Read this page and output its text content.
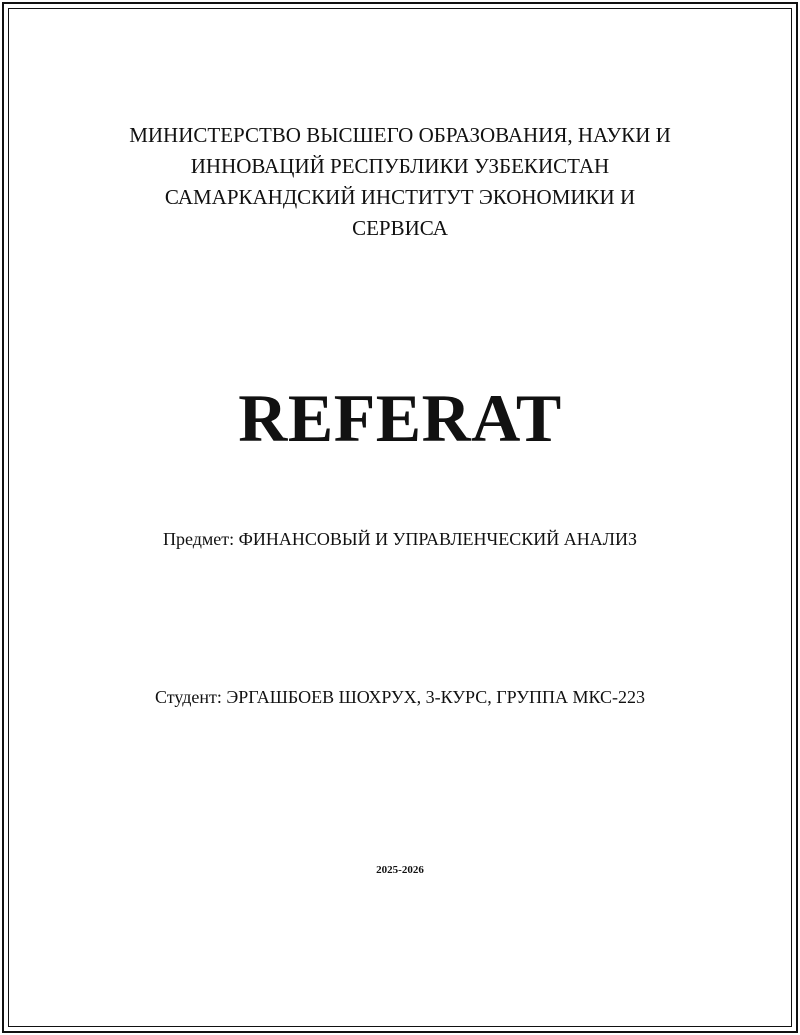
МИНИСТЕРСТВО ВЫСШЕГО ОБРАЗОВАНИЯ, НАУКИ И
ИННОВАЦИЙ РЕСПУБЛИКИ УЗБЕКИСТАН
САМАРКАНДСКИЙ ИНСТИТУТ ЭКОНОМИКИ И
СЕРВИСА
REFERAT
Предмет: ФИНАНСОВЫЙ И УПРАВЛЕНЧЕСКИЙ АНАЛИЗ
Студент: ЭРГАШБОЕВ ШОХРУХ, 3-КУРС, ГРУППА МКС-223
2025-2026
